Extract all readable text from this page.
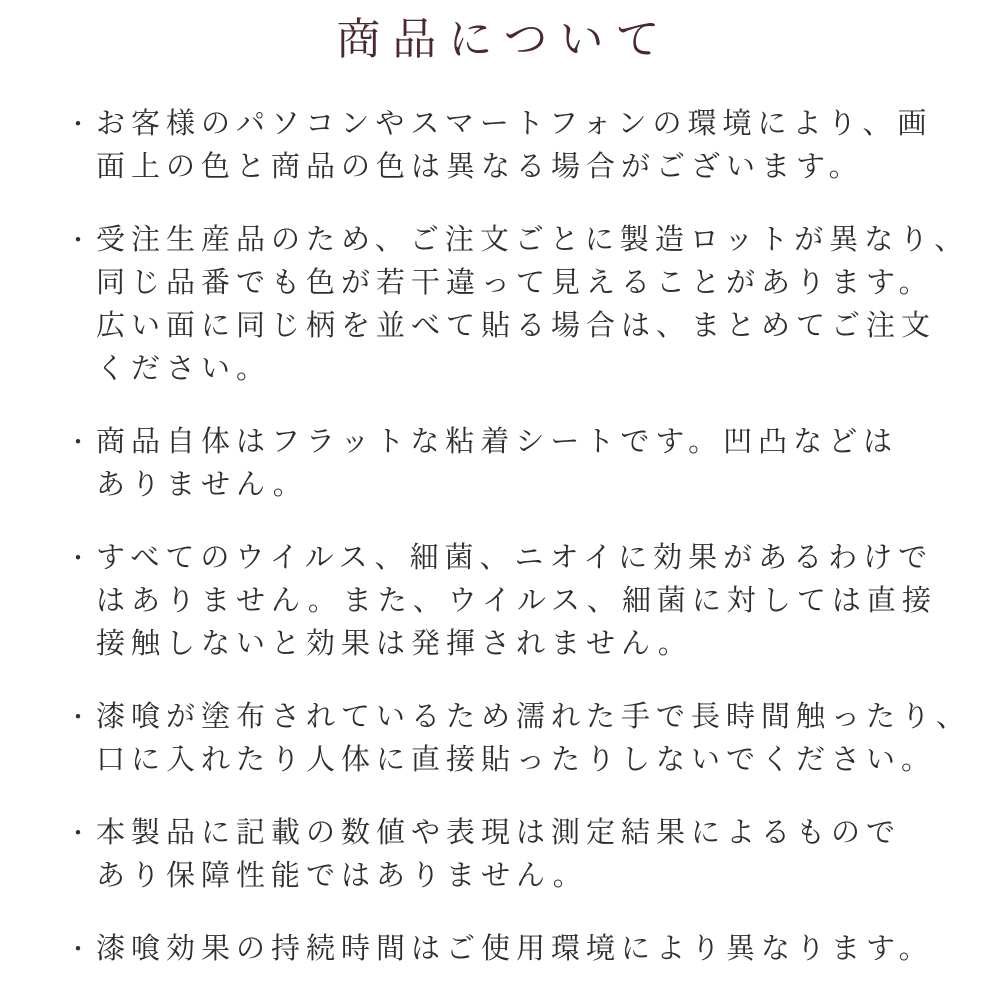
商品について
・ お客様のパソコンやスマートフォンの環境により、画
面上の色と商品の色は異なる場合がございます。
・ 受注生産品のため、ご注文ごとに製造ロットが異なり、
同じ品番でも色が若干違って見えることがあります。
広い面に同じ柄を並べて貼る場合は、まとめてご注文
ください。
・ 商品自体はフラットな粘着シートです。凹凸などは
ありません。
・ すべてのウイルス、細菌、ニオイに効果があるわけで
はありません。また、ウイルス、細菌に対しては直接
接触しないと効果は発揮されません。
・ 漆喰が塗布されているため濡れた手で長時間触ったり、
口に入れたり人体に直接貼ったりしないでください。
・ 本製品に記載の数値や表現は測定結果によるもので
あり保障性能ではありません。
・ 漆喰効果の持続時間はご使用環境により異なります。
